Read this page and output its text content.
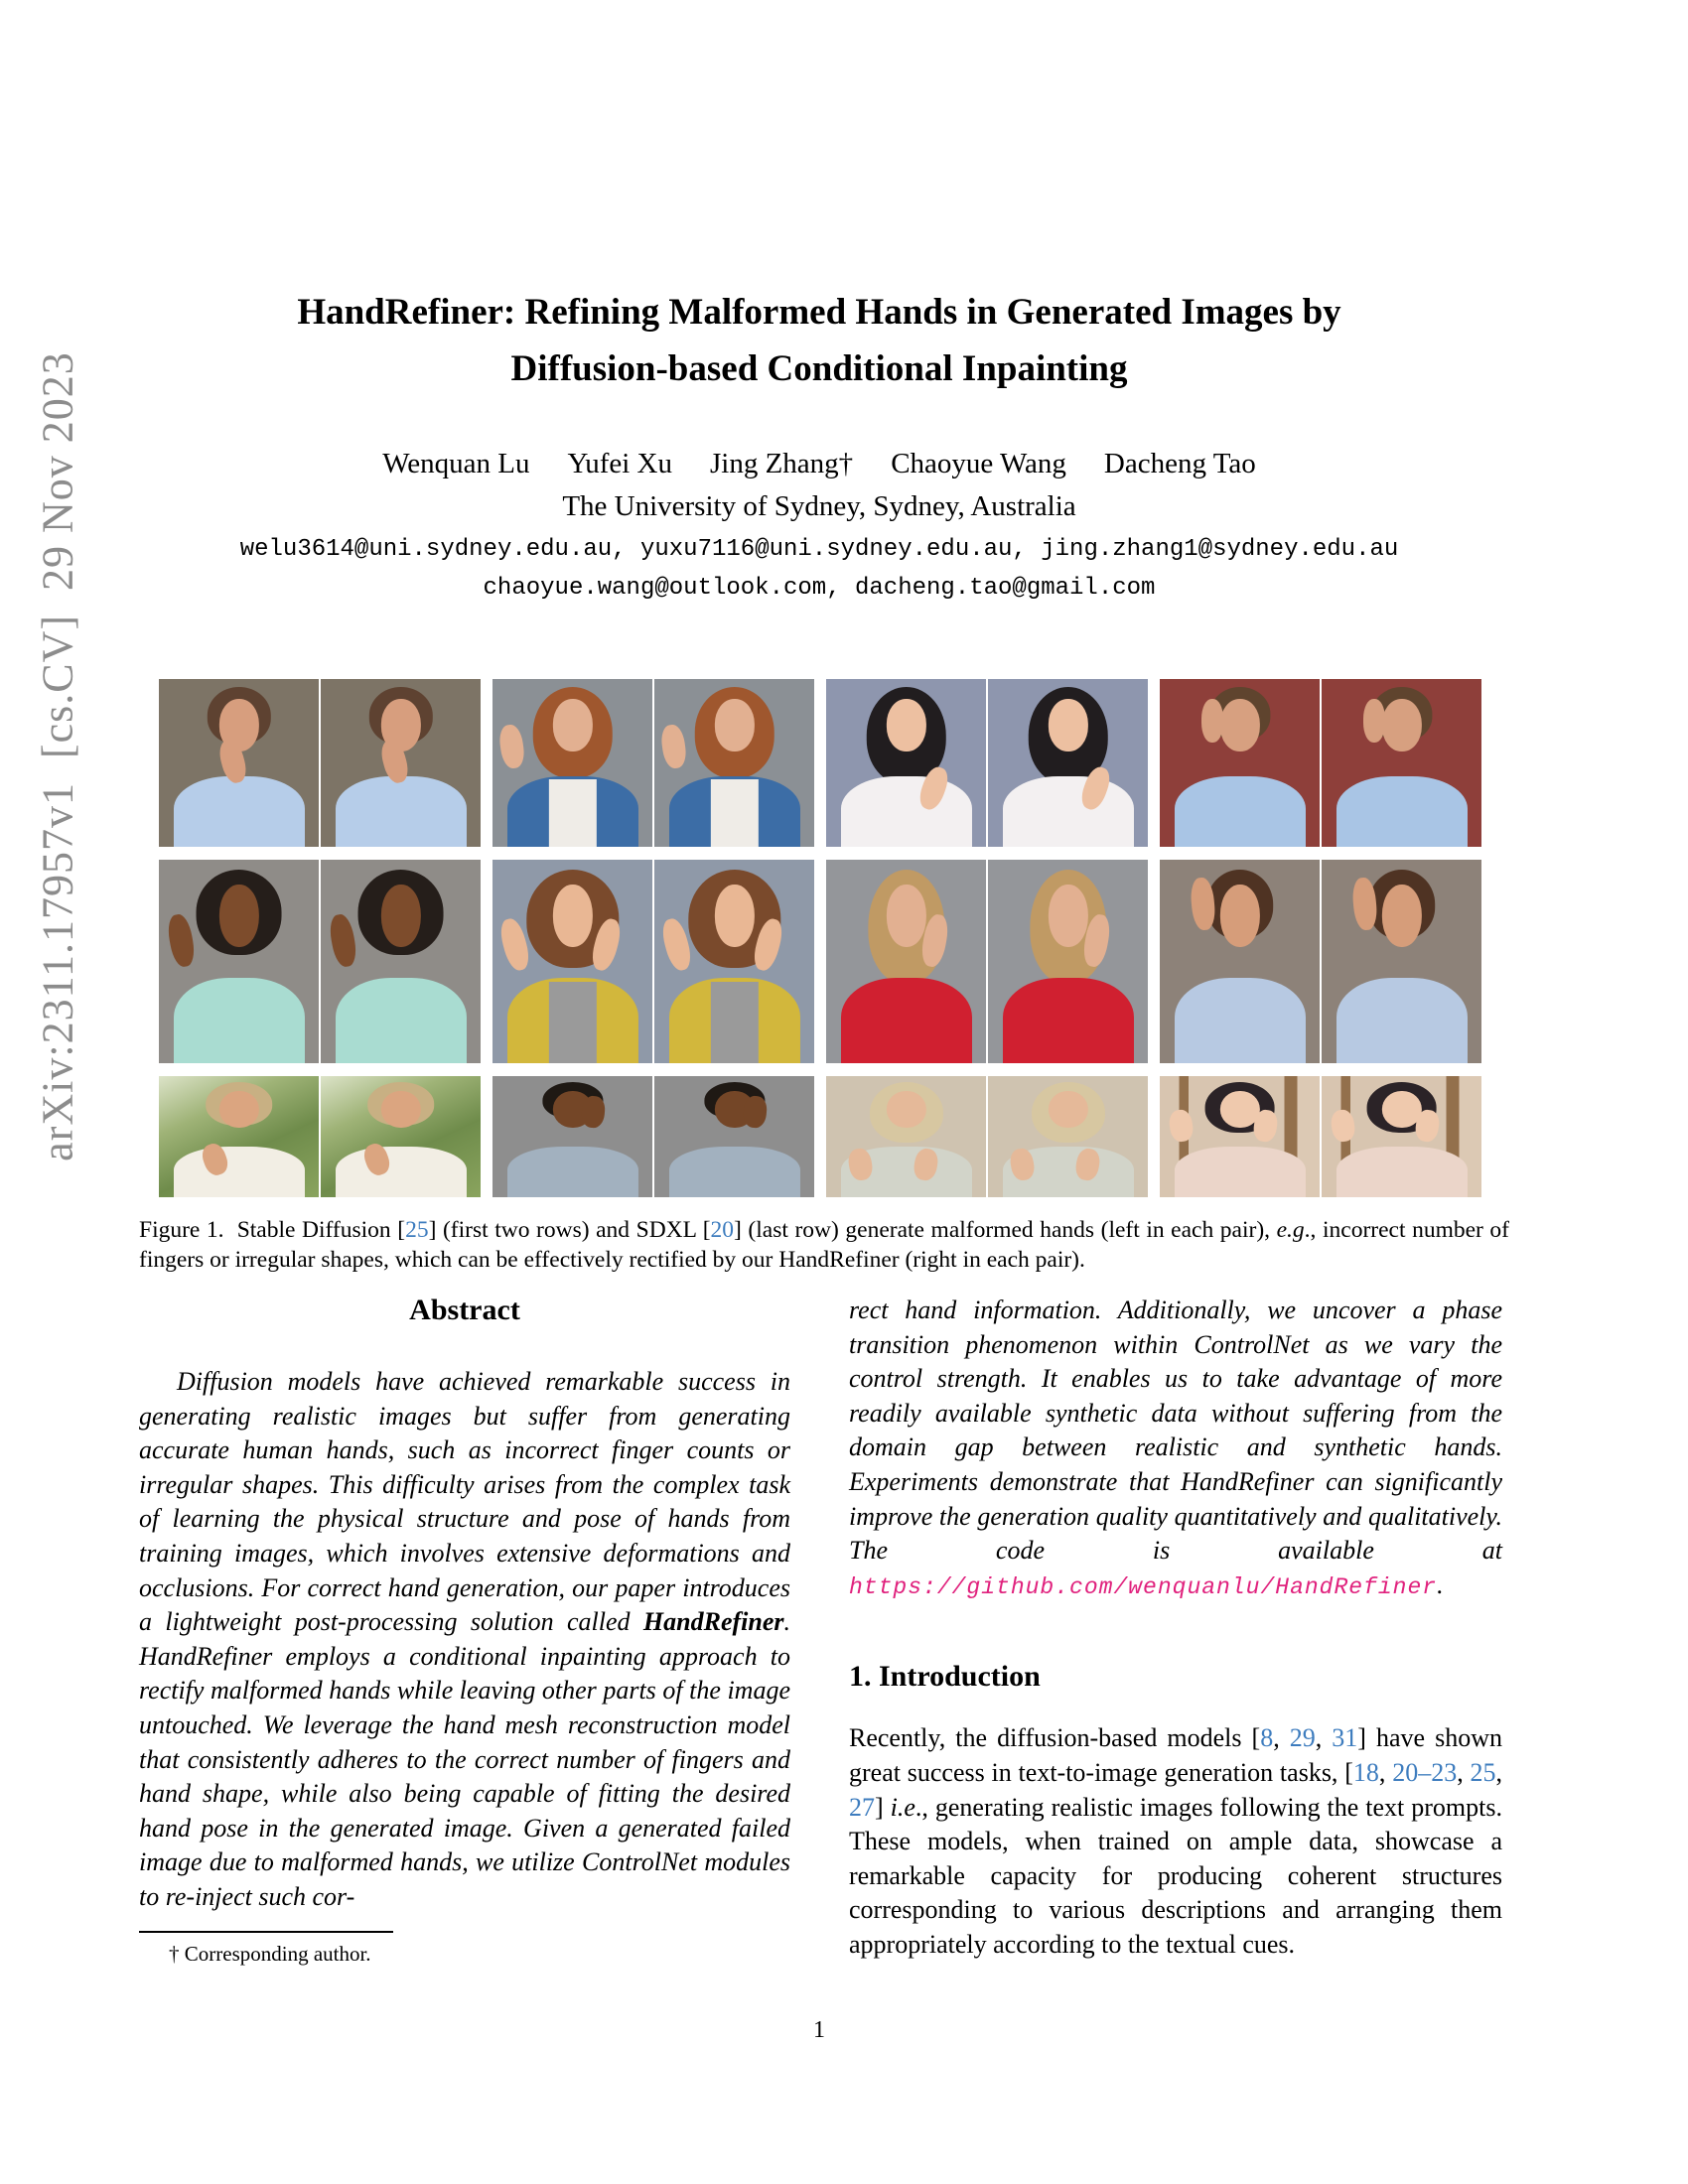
arXiv:2311.17957v1  [cs.CV]  29 Nov 2023
HandRefiner: Refining Malformed Hands in Generated Images by
Diffusion-based Conditional Inpainting
Wenquan Lu Yufei Xu Jing Zhang† Chaoyue Wang Dacheng Tao
The University of Sydney, Sydney, Australia
welu3614@uni.sydney.edu.au, yuxu7116@uni.sydney.edu.au, jing.zhang1@sydney.edu.au
chaoyue.wang@outlook.com, dacheng.tao@gmail.com
Figure 1.  Stable Diffusion [25] (first two rows) and SDXL [20] (last row) generate malformed hands (left in each pair), e.g., incorrect number of fingers or irregular shapes, which can be effectively rectified by our HandRefiner (right in each pair).
Abstract
Diffusion models have achieved remarkable success in generating realistic images but suffer from generating accurate human hands, such as incorrect finger counts or irregular shapes. This difficulty arises from the complex task of learning the physical structure and pose of hands from training images, which involves extensive deformations and occlusions. For correct hand generation, our paper introduces a lightweight post-processing solution called HandRefiner. HandRefiner employs a conditional inpainting approach to rectify malformed hands while leaving other parts of the image untouched. We leverage the hand mesh reconstruction model that consistently adheres to the correct number of fingers and hand shape, while also being capable of fitting the desired hand pose in the generated image. Given a generated failed image due to malformed hands, we utilize ControlNet modules to re-inject such cor-
rect hand information. Additionally, we uncover a phase transition phenomenon within ControlNet as we vary the control strength. It enables us to take advantage of more readily available synthetic data without suffering from the domain gap between realistic and synthetic hands. Experiments demonstrate that HandRefiner can significantly improve the generation quality quantitatively and qualitatively. The code is available at https://github.com/wenquanlu/HandRefiner.
1. Introduction
Recently, the diffusion-based models [8, 29, 31] have shown great success in text-to-image generation tasks, [18, 20–23, 25, 27] i.e., generating realistic images following the text prompts. These models, when trained on ample data, showcase a remarkable capacity for producing coherent structures corresponding to various descriptions and arranging them appropriately according to the textual cues.
† Corresponding author.
1
